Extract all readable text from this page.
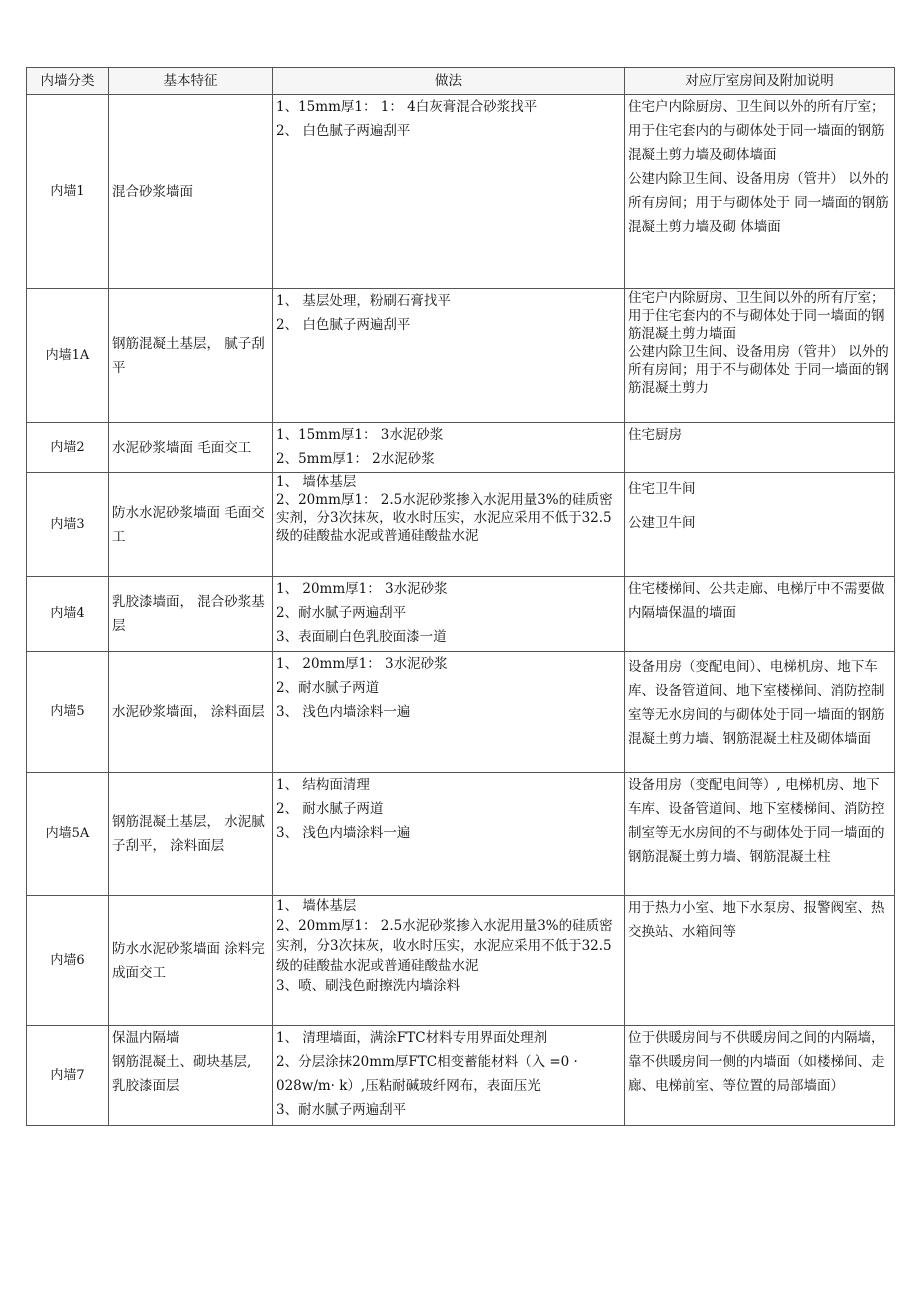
内墙分类	基本特征	做法	对应厅室房间及附加说明
内墙1	混合砂浆墙面	1、15mm厚1： 1： 4白灰膏混合砂浆找平
2、 白色腻子两遍刮平	住宅户内除厨房、卫生间以外的所有厅室；用于住宅套内的与砌体处于同一墙面的钢筋混凝土剪力墙及砌体墙面
公建内除卫生间、设备用房（管井） 以外的所有房间；用于与砌体处于 同一墙面的钢筋混凝土剪力墙及砌 体墙面

内墙1A	钢筋混凝土基层， 腻子刮平	1、 基层处理，粉刷石膏找平
2、 白色腻子两遍刮平	住宅户内除厨房、卫生间以外的所有厅室；用于住宅套内的不与砌体处于同一墙面的钢筋混凝土剪力墙面
公建内除卫生间、设备用房（管井） 以外的所有房间；用于不与砌体处 于同一墙面的钢筋混凝土剪力

内墙2	水泥砂浆墙面 毛面交工	1、15mm厚1： 3水泥砂浆
2、5mm厚1： 2水泥砂浆	住宅厨房

内墙3	防水水泥砂浆墙面 毛面交工	1、 墙体基层
2、20mm厚1： 2.5水泥砂浆掺入水泥用量3%的硅质密实剂，分3次抹灰，收水时压实，水泥应采用不低于32.5级的硅酸盐水泥或普通硅酸盐水泥	住宅卫牛间
公建卫牛间

内墙4	乳胶漆墙面， 混合砂浆基层	1、 20mm厚1： 3水泥砂浆
2、耐水腻子两遍刮平
3、表面刷白色乳胶面漆一道	住宅楼梯间、公共走廊、电梯厅中不需要做内隔墙保温的墙面

内墙5	水泥砂浆墙面， 涂料面层	1、 20mm厚1： 3水泥砂浆
2、耐水腻子两道
3、 浅色内墙涂料一遍	设备用房（变配电间）、电梯机房、地下车库、设备管道间、地下室楼梯间、消防控制室等无水房间的与砌体处于同一墙面的钢筋混凝土剪力墙、钢筋混凝土柱及砌体墙面

内墙5A	钢筋混凝土基层， 水泥腻子刮平， 涂料面层	1、 结构面清理
2、 耐水腻子两道
3、 浅色内墙涂料一遍	设备用房（变配电间等）, 电梯机房、地下车库、设备管道间、地下室楼梯间、消防控制室等无水房间的不与砌体处于同一墙面的钢筋混凝土剪力墙、钢筋混凝土柱

内墙6	防水水泥砂浆墙面 涂料完成面交工	1、 墙体基层
2、20mm厚1： 2.5水泥砂浆掺入水泥用量3%的硅质密实剂，分3次抹灰，收水时压实，水泥应采用不低于32.5级的硅酸盐水泥或普通硅酸盐水泥
3、喷、刷浅色耐擦洗内墙涂料	用于热力小室、地下水泵房、报警阀室、热交换站、水箱间等

内墙7	保温内隔墙
钢筋混凝土、砌块基层,
乳胶漆面层	1、 清理墙面，满涂FTC材料专用界面处理剂
2、分层涂抹20mm厚FTC相变蓄能材料（入 =0 · 028w/m· k）,压粘耐碱玻纤网布，表面压光
3、耐水腻子两遍刮平	位于供暖房间与不供暖房间之间的内隔墙，靠不供暖房间一侧的内墙面（如楼梯间、走廊、电梯前室、等位置的局部墙面）
